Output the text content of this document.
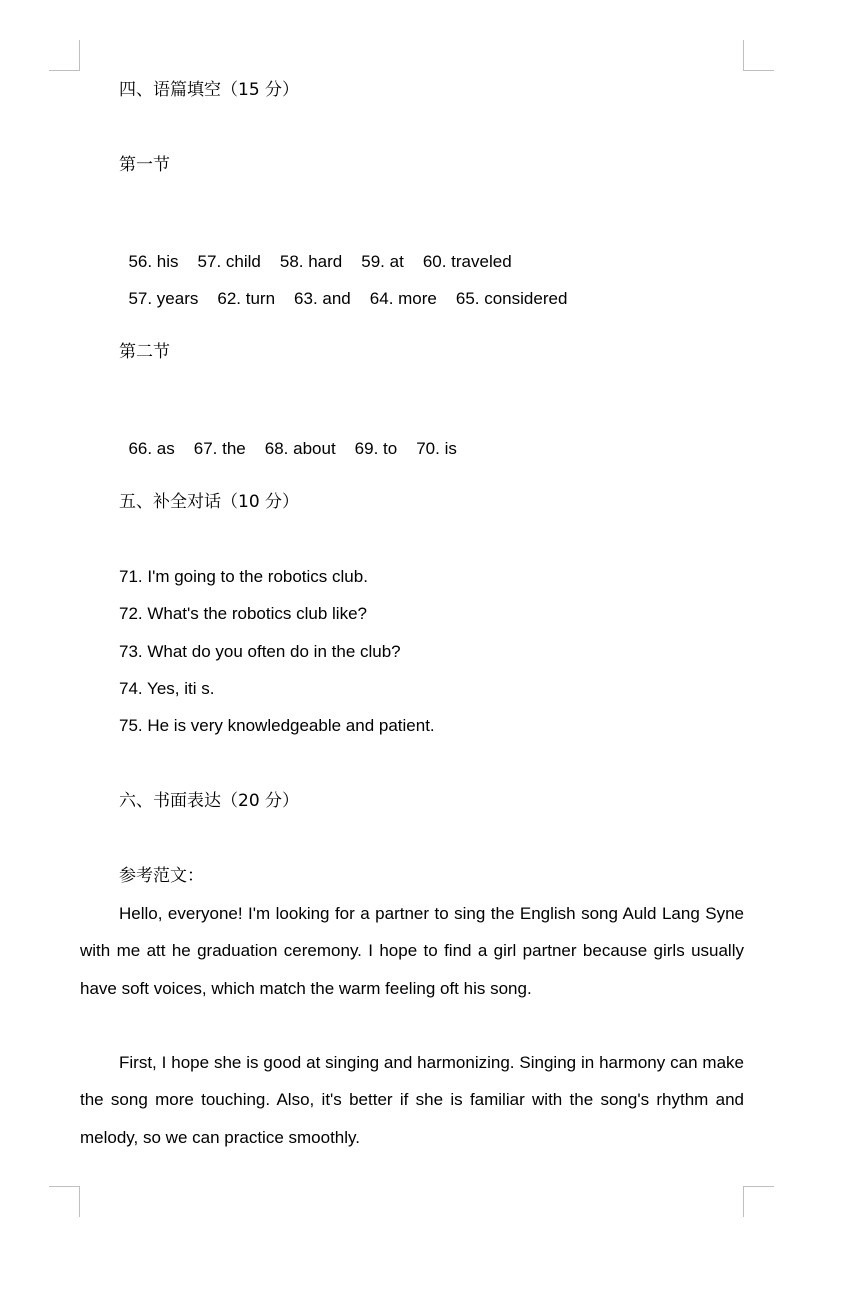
四、语篇填空（15 分）
第一节

56. his 57. child 58. hard 59. at 60. traveled

57. years 62. turn 63. and 64. more 65. considered

第二节

66. as 67. the 68. about 69. to 70. is

五、补全对话（10 分）
71. I'm going to the robotics club.
72. What's the robotics club like?
73. What do you often do in the club?
74. Yes, iti s.
75. He is very knowledgeable and patient.
六、书面表达（20 分）
参考范文：
Hello, everyone! I'm looking for a partner to sing the English song Auld Lang Syne with me att he graduation ceremony. I hope to find a girl partner because girls usually have soft voices, which match the warm feeling oft his song.
First, I hope she is good at singing and harmonizing. Singing in harmony can make the song more touching. Also, it's better if she is familiar with the song's rhythm and melody, so we can practice smoothly.
